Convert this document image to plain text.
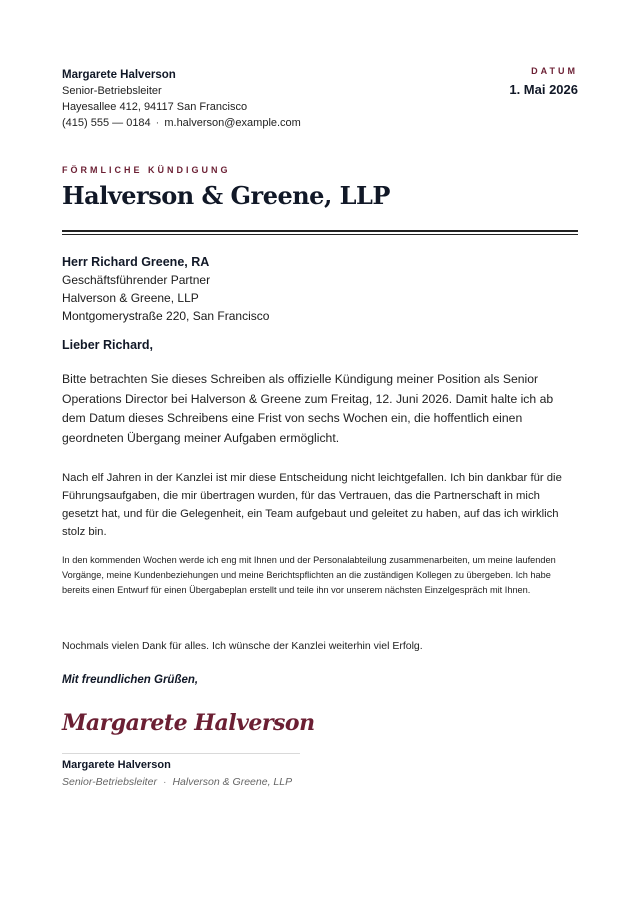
Margarete Halverson
Senior-Betriebsleiter
Hayesallee 412, 94117 San Francisco
(415) 555 — 0184 · m.halverson@example.com
DATUM
1. Mai 2026
FÖRMLICHE KÜNDIGUNG
Halverson & Greene, LLP
Herr Richard Greene, RA
Geschäftsführender Partner
Halverson & Greene, LLP
Montgomerystraße 220, San Francisco
Lieber Richard,
Bitte betrachten Sie dieses Schreiben als offizielle Kündigung meiner Position als Senior Operations Director bei Halverson & Greene zum Freitag, 12. Juni 2026. Damit halte ich ab dem Datum dieses Schreibens eine Frist von sechs Wochen ein, die hoffentlich einen geordneten Übergang meiner Aufgaben ermöglicht.
Nach elf Jahren in der Kanzlei ist mir diese Entscheidung nicht leichtgefallen. Ich bin dankbar für die Führungsaufgaben, die mir übertragen wurden, für das Vertrauen, das die Partnerschaft in mich gesetzt hat, und für die Gelegenheit, ein Team aufgebaut und geleitet zu haben, auf das ich wirklich stolz bin.
In den kommenden Wochen werde ich eng mit Ihnen und der Personalabteilung zusammenarbeiten, um meine laufenden Vorgänge, meine Kundenbeziehungen und meine Berichtspflichten an die zuständigen Kollegen zu übergeben. Ich habe bereits einen Entwurf für einen Übergabeplan erstellt und teile ihn vor unserem nächsten Einzelgespräch mit Ihnen.
Nochmals vielen Dank für alles. Ich wünsche der Kanzlei weiterhin viel Erfolg.
Mit freundlichen Grüßen,
Margarete Halverson
Margarete Halverson
Senior-Betriebsleiter · Halverson & Greene, LLP
